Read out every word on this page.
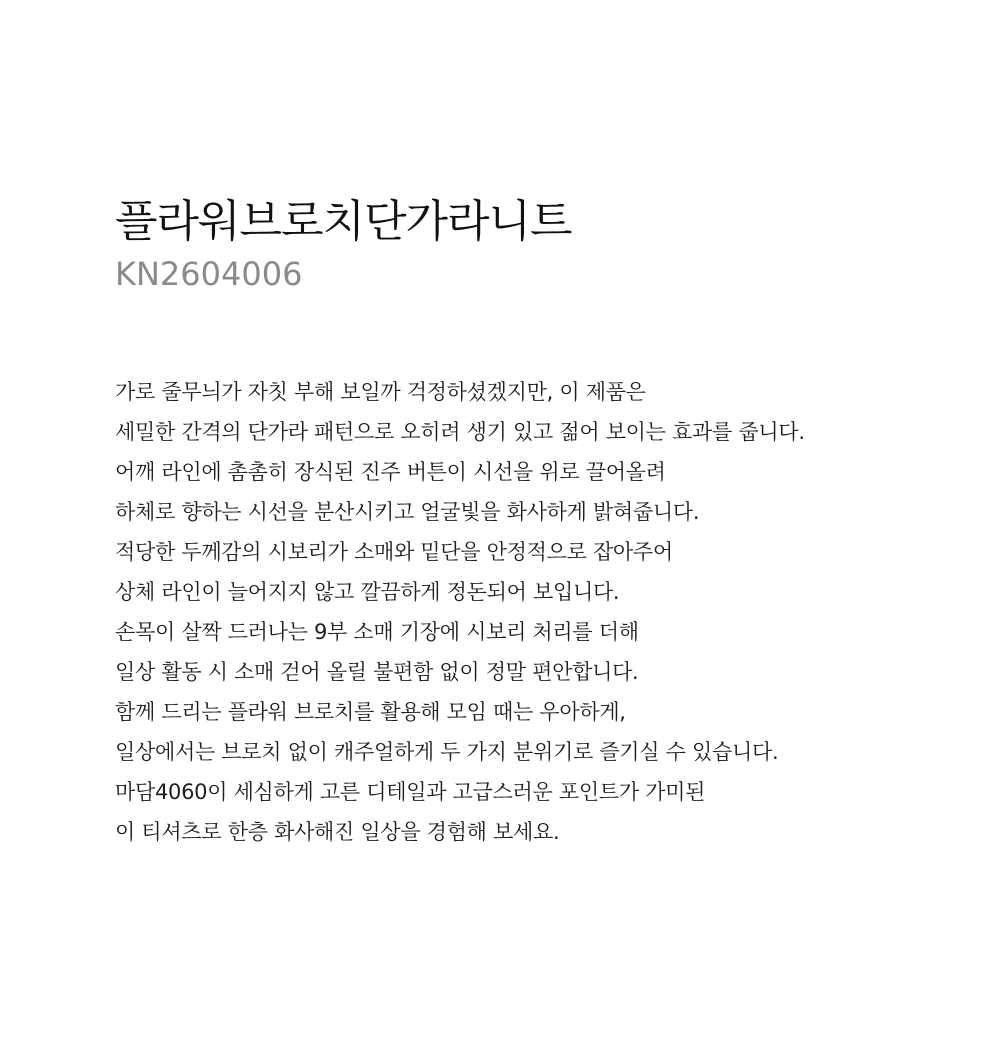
플라워브로치단가라니트

KN2604006

가로 줄무늬가 자칫 부해 보일까 걱정하셨겠지만, 이 제품은
세밀한 간격의 단가라 패턴으로 오히려 생기 있고 젊어 보이는 효과를 줍니다.
어깨 라인에 촘촘히 장식된 진주 버튼이 시선을 위로 끌어올려
하체로 향하는 시선을 분산시키고 얼굴빛을 화사하게 밝혀줍니다.
적당한 두께감의 시보리가 소매와 밑단을 안정적으로 잡아주어
상체 라인이 늘어지지 않고 깔끔하게 정돈되어 보입니다.
손목이 살짝 드러나는 9부 소매 기장에 시보리 처리를 더해
일상 활동 시 소매 걷어 올릴 불편함 없이 정말 편안합니다.
함께 드리는 플라워 브로치를 활용해 모임 때는 우아하게,
일상에서는 브로치 없이 캐주얼하게 두 가지 분위기로 즐기실 수 있습니다.
마담4060이 세심하게 고른 디테일과 고급스러운 포인트가 가미된
이 티셔츠로 한층 화사해진 일상을 경험해 보세요.
